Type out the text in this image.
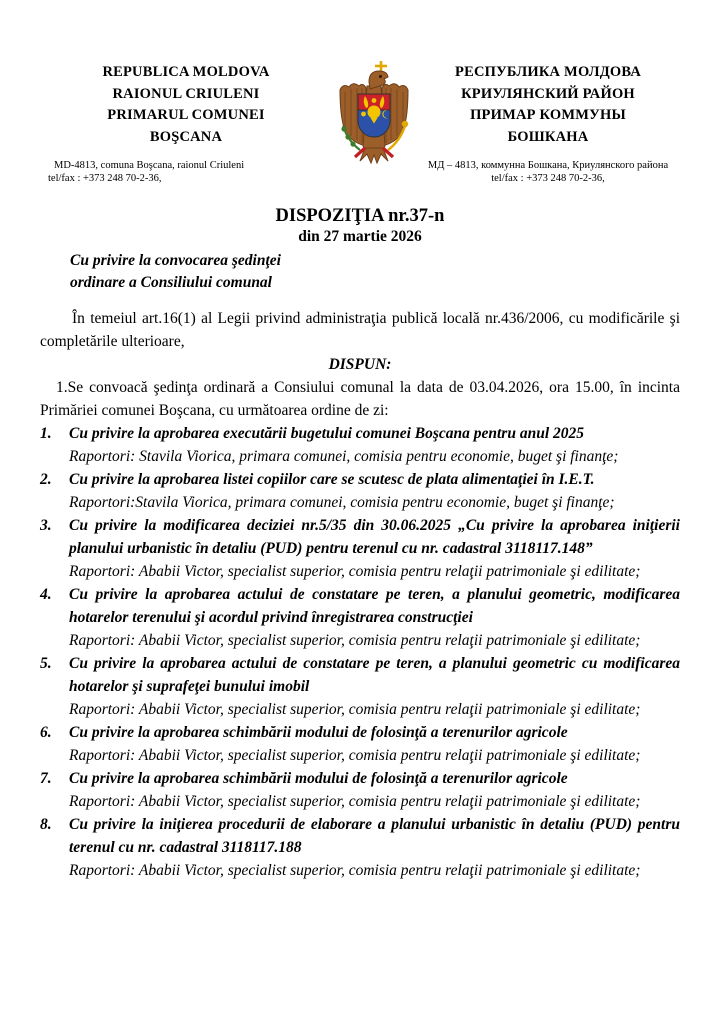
REPUBLICA MOLDOVA
RAIONUL CRIULENI
PRIMARUL COMUNEI
BOŞCANA
MD-4813, comuna Boşcana, raionul Criuleni
tel/fax : +373 248 70-2-36,
РЕСПУБЛИКА МОЛДОВА
КРИУЛЯНСКИЙ РАЙОН
ПРИМАР КОММУНЫ
БОШКАНА
МД – 4813, коммунна Бошкана, Криулянского района
tel/fax : +373 248 70-2-36,
DISPOZIŢIA nr.37-n
din 27 martie 2026
Cu privire la convocarea şedinţei
ordinare a Consiliului comunal
În temeiul art.16(1) al Legii privind administraţia publică locală nr.436/2006, cu modificările şi completările ulterioare,
DISPUN:
1.Se convoacă şedinţa ordinară a Consiului comunal la data de 03.04.2026, ora 15.00, în incinta Primăriei comunei Boşcana, cu următoarea ordine de zi:
1.	Cu privire la aprobarea executării bugetului comunei Boşcana pentru anul 2025
Raportori: Stavila Viorica, primara comunei, comisia pentru economie, buget şi finanţe;
2.	Cu privire la aprobarea listei copiilor care se scutesc de plata alimentaţiei în I.E.T.
Raportori:Stavila Viorica, primara comunei, comisia pentru economie, buget şi finanţe;
3.	Cu privire la modificarea deciziei nr.5/35 din 30.06.2025 „Cu privire la aprobarea iniţierii planului urbanistic în detaliu (PUD) pentru terenul cu nr. cadastral 3118117.148”
Raportori: Ababii Victor, specialist superior, comisia pentru relaţii patrimoniale şi edilitate;
4.	Cu privire la aprobarea actului de constatare pe teren, a planului geometric, modificarea hotarelor terenului şi acordul privind înregistrarea construcţiei
Raportori: Ababii Victor, specialist superior, comisia pentru relaţii patrimoniale şi edilitate;
5.	Cu privire la aprobarea actului de constatare pe teren, a planului geometric cu modificarea hotarelor şi suprafeţei bunului imobil
Raportori: Ababii Victor, specialist superior, comisia pentru relaţii patrimoniale şi edilitate;
6.	Cu privire la aprobarea schimbării modului de folosinţă a terenurilor agricole
Raportori: Ababii Victor, specialist superior, comisia pentru relaţii patrimoniale şi edilitate;
7.	Cu privire la aprobarea schimbării modului de folosinţă a terenurilor agricole
Raportori: Ababii Victor, specialist superior, comisia pentru relaţii patrimoniale şi edilitate;
8.	Cu privire la iniţierea procedurii de elaborare a planului urbanistic în detaliu (PUD) pentru terenul cu nr. cadastral 3118117.188
Raportori: Ababii Victor, specialist superior, comisia pentru relaţii patrimoniale şi edilitate;
